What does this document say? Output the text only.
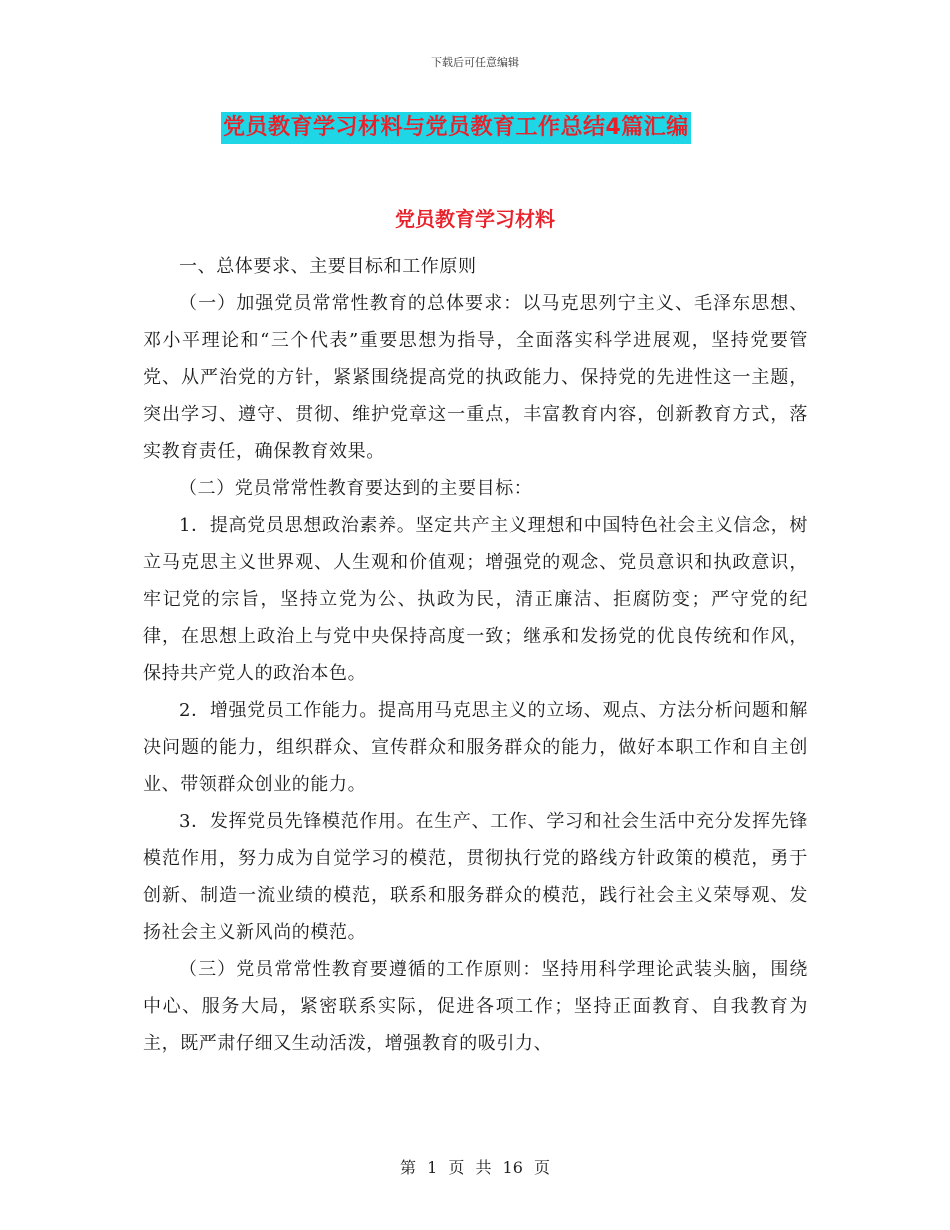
下载后可任意编辑
党员教育学习材料与党员教育工作总结4篇汇编
党员教育学习材料

一、总体要求、主要目标和工作原则

（一）加强党员常常性教育的总体要求：以马克思列宁主义、毛泽东思想、邓小平理论和“三个代表”重要思想为指导，全面落实科学进展观，坚持党要管党、从严治党的方针，紧紧围绕提高党的执政能力、保持党的先进性这一主题，突出学习、遵守、贯彻、维护党章这一重点，丰富教育内容，创新教育方式，落实教育责任，确保教育效果。

（二）党员常常性教育要达到的主要目标：

1．提高党员思想政治素养。坚定共产主义理想和中国特色社会主义信念，树立马克思主义世界观、人生观和价值观；增强党的观念、党员意识和执政意识，牢记党的宗旨，坚持立党为公、执政为民，清正廉洁、拒腐防变；严守党的纪律，在思想上政治上与党中央保持高度一致；继承和发扬党的优良传统和作风，保持共产党人的政治本色。

2．增强党员工作能力。提高用马克思主义的立场、观点、方法分析问题和解决问题的能力，组织群众、宣传群众和服务群众的能力，做好本职工作和自主创业、带领群众创业的能力。

3．发挥党员先锋模范作用。在生产、工作、学习和社会生活中充分发挥先锋模范作用，努力成为自觉学习的模范，贯彻执行党的路线方针政策的模范，勇于创新、制造一流业绩的模范，联系和服务群众的模范，践行社会主义荣辱观、发扬社会主义新风尚的模范。

（三）党员常常性教育要遵循的工作原则：坚持用科学理论武装头脑，围绕中心、服务大局，紧密联系实际，促进各项工作；坚持正面教育、自我教育为主，既严肃仔细又生动活泼，增强教育的吸引力、

第 1 页 共 16 页
